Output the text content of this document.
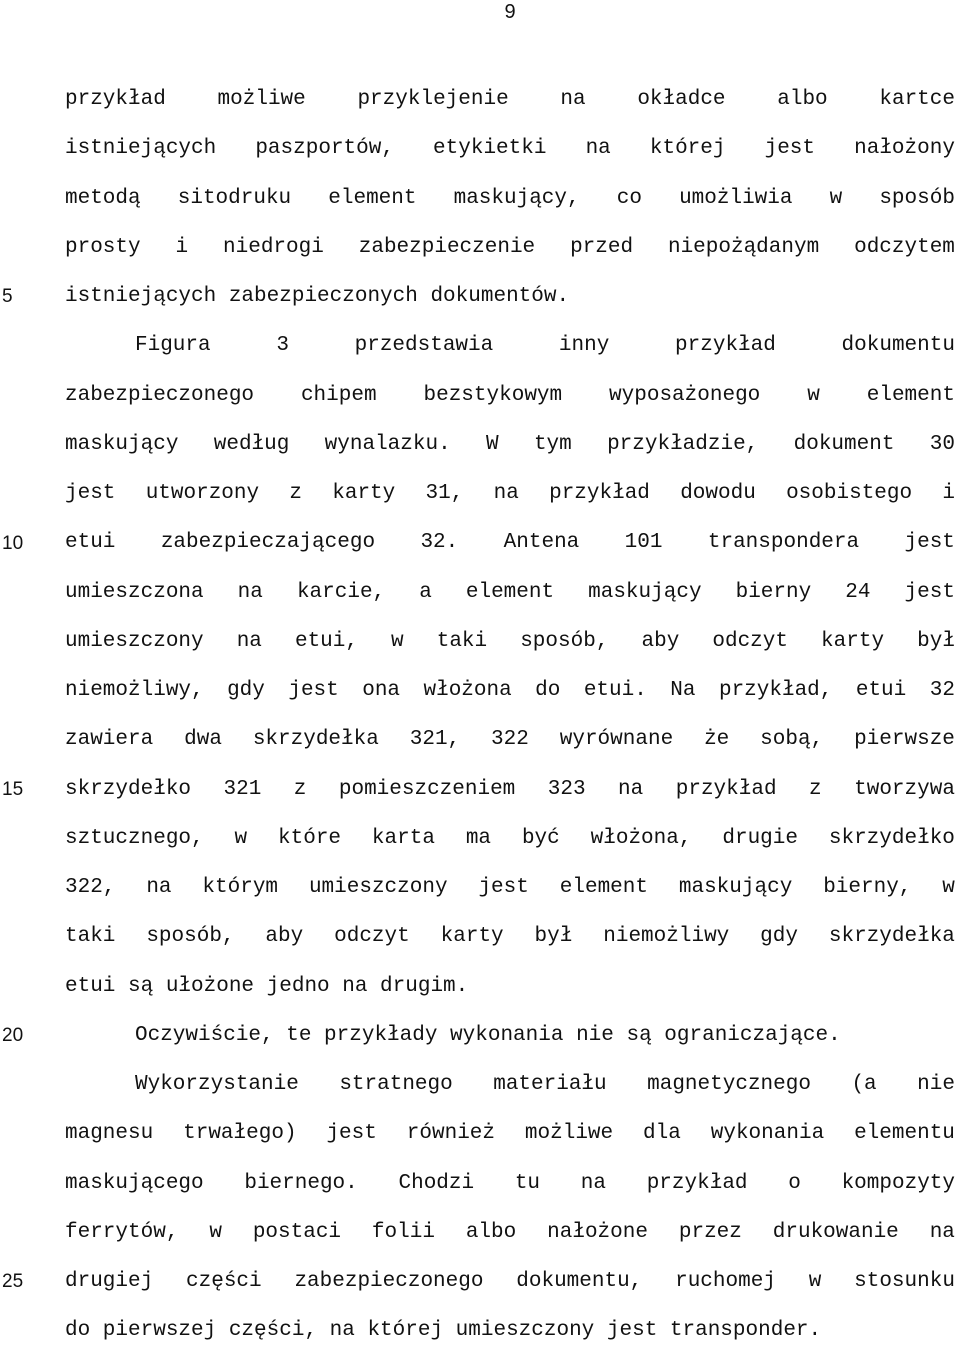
9
5
10
15
20
25
przykład możliwe przyklejenie na okładce albo kartce
istniejących paszportów, etykietki na której jest nałożony
metodą sitodruku element maskujący, co umożliwia w sposób
prosty i niedrogi zabezpieczenie przed niepożądanym odczytem
istniejących zabezpieczonych dokumentów.
Figura	3	przedstawia	inny	przykład	dokumentu
zabezpieczonego chipem bezstykowym wyposażonego w element
maskujący według wynalazku. W tym przykładzie, dokument 30
jest utworzony z karty 31, na przykład dowodu osobistego i
etui zabezpieczającego 32. Antena 101 transpondera jest
umieszczona na karcie, a element maskujący bierny 24 jest
umieszczony na etui, w taki sposób, aby odczyt karty był
niemożliwy, gdy jest ona włożona do etui. Na przykład, etui 32
zawiera dwa skrzydełka 321, 322 wyrównane że sobą, pierwsze
skrzydełko 321 z pomieszczeniem 323 na przykład z tworzywa
sztucznego, w które karta ma być włożona, drugie skrzydełko
322, na którym umieszczony jest element maskujący bierny, w
taki sposób, aby odczyt karty był niemożliwy gdy skrzydełka
etui są ułożone jedno na drugim.
Oczywiście, te przykłady wykonania nie są ograniczające.
Wykorzystanie stratnego materiału magnetycznego (a nie
magnesu trwałego) jest również możliwe dla wykonania elementu
maskującego biernego. Chodzi tu na przykład o kompozyty
ferrytów, w postaci folii albo nałożone przez drukowanie na
drugiej części zabezpieczonego dokumentu, ruchomej w stosunku
do pierwszej części, na której umieszczony jest transponder.
